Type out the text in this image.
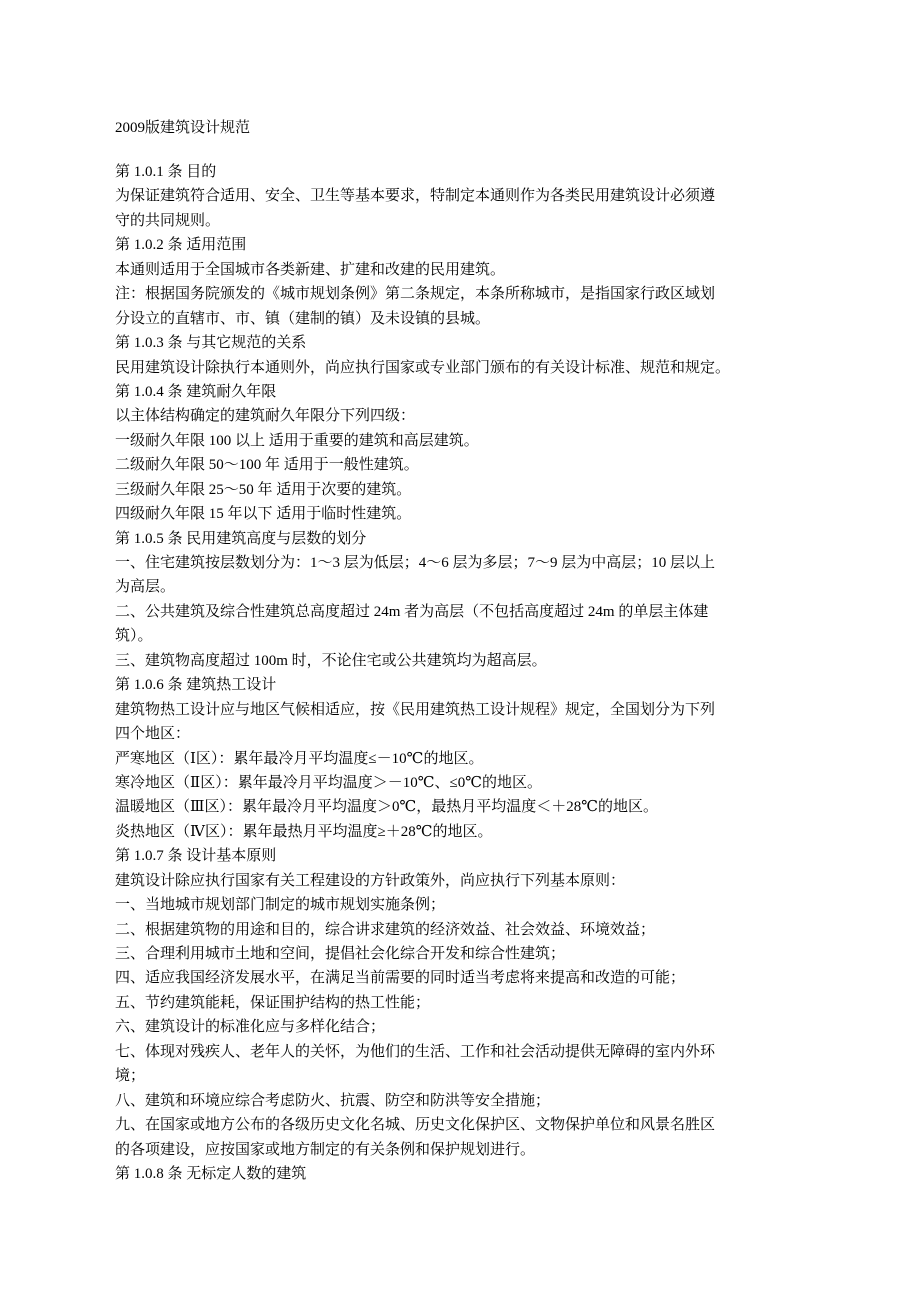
2009版建筑设计规范
第 1.0.1 条 目的
为保证建筑符合适用、安全、卫生等基本要求，特制定本通则作为各类民用建筑设计必须遵
守的共同规则。
第 1.0.2 条 适用范围
本通则适用于全国城市各类新建、扩建和改建的民用建筑。
注：根据国务院颁发的《城市规划条例》第二条规定，本条所称城市，是指国家行政区域划
分设立的直辖市、市、镇（建制的镇）及未设镇的县城。
第 1.0.3 条 与其它规范的关系
民用建筑设计除执行本通则外，尚应执行国家或专业部门颁布的有关设计标准、规范和规定。
第 1.0.4 条 建筑耐久年限
以主体结构确定的建筑耐久年限分下列四级：
一级耐久年限 100 以上 适用于重要的建筑和高层建筑。
二级耐久年限 50～100 年 适用于一般性建筑。
三级耐久年限 25～50 年 适用于次要的建筑。
四级耐久年限 15 年以下 适用于临时性建筑。
第 1.0.5 条 民用建筑高度与层数的划分
一、住宅建筑按层数划分为：1～3 层为低层；4～6 层为多层；7～9 层为中高层；10 层以上
为高层。
二、公共建筑及综合性建筑总高度超过 24m 者为高层（不包括高度超过 24m 的单层主体建
筑）。
三、建筑物高度超过 100m 时，不论住宅或公共建筑均为超高层。
第 1.0.6 条 建筑热工设计
建筑物热工设计应与地区气候相适应，按《民用建筑热工设计规程》规定，全国划分为下列
四个地区：
严寒地区（Ⅰ区）：累年最冷月平均温度≤－10℃的地区。
寒冷地区（Ⅱ区）：累年最冷月平均温度＞－10℃、≤0℃的地区。
温暖地区（Ⅲ区）：累年最冷月平均温度＞0℃，最热月平均温度＜＋28℃的地区。
炎热地区（Ⅳ区）：累年最热月平均温度≥＋28℃的地区。
第 1.0.7 条 设计基本原则
建筑设计除应执行国家有关工程建设的方针政策外，尚应执行下列基本原则：
一、当地城市规划部门制定的城市规划实施条例；
二、根据建筑物的用途和目的，综合讲求建筑的经济效益、社会效益、环境效益；
三、合理利用城市土地和空间，提倡社会化综合开发和综合性建筑；
四、适应我国经济发展水平，在满足当前需要的同时适当考虑将来提高和改造的可能；
五、节约建筑能耗，保证围护结构的热工性能；
六、建筑设计的标准化应与多样化结合；
七、体现对残疾人、老年人的关怀，为他们的生活、工作和社会活动提供无障碍的室内外环
境；
八、建筑和环境应综合考虑防火、抗震、防空和防洪等安全措施；
九、在国家或地方公布的各级历史文化名城、历史文化保护区、文物保护单位和风景名胜区
的各项建设，应按国家或地方制定的有关条例和保护规划进行。
第 1.0.8 条 无标定人数的建筑
